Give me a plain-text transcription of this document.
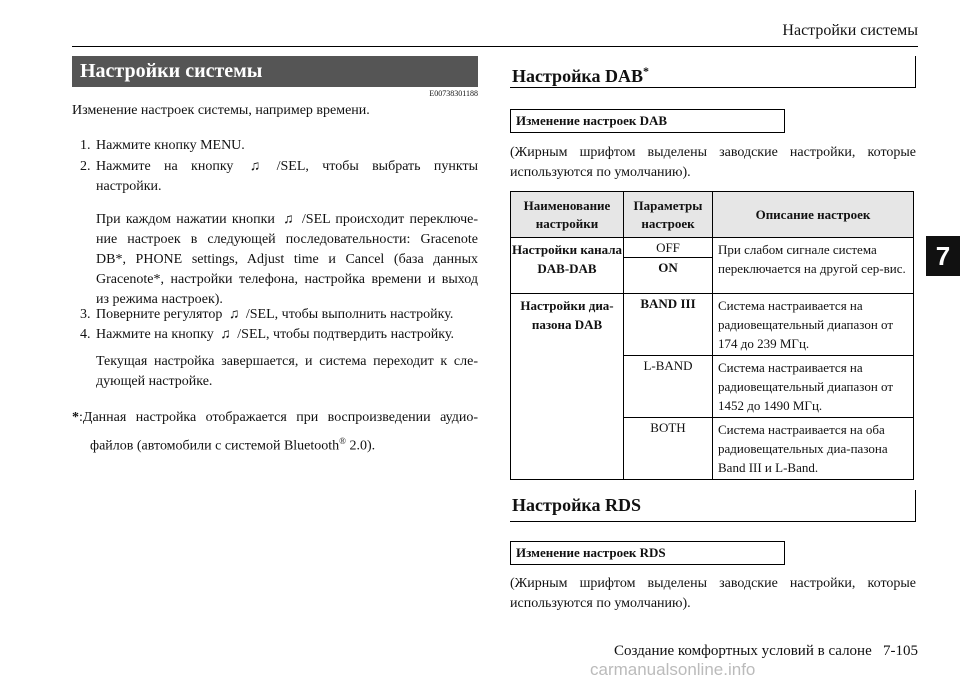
Настройки системы
7
Настройки системы
E00738301188
Изменение настроек системы, например времени.
1. Нажмите кнопку MENU.
2. Нажмите на кнопку ♫ /SEL, чтобы выбрать пункты
настройки.
При каждом нажатии кнопки ♫ /SEL происходит переключе-
ние настроек в следующей последовательности: Gracenote
DB*, PHONE settings, Adjust time и Cancel (база данных
Gracenote*, настройки телефона, настройка времени и выход
из режима настроек).
3. Поверните регулятор ♫ /SEL, чтобы выполнить настройку.
4. Нажмите на кнопку ♫ /SEL, чтобы подтвердить настройку.
Текущая настройка завершается, и система переходит к сле-
дующей настройке.
*:Данная настройка отображается при воспроизведении аудио-
файлов (автомобили с системой Bluetooth® 2.0).
Настройка DAB*
Изменение настроек DAB
(Жирным шрифтом выделены заводские настройки, которые
используются по умолчанию).
Наименование настройки	Параметры настроек	Описание настроек
Настройки канала DAB-DAB	OFF	При слабом сигнале система переключается на другой сер-вис.
ON
Настройки диа-пазона DAB	BAND III	Система настраивается на радиовещательный диапазон от 174 до 239 МГц.
L-BAND	Система настраивается на радиовещательный диапазон от 1452 до 1490 МГц.
BOTH	Система настраивается на оба радиовещательных диа-пазона Band III и L-Band.
Настройка RDS
Изменение настроек RDS
(Жирным шрифтом выделены заводские настройки, которые
используются по умолчанию).
Создание комфортных условий в салоне 7-105
carmanualsonline.info
